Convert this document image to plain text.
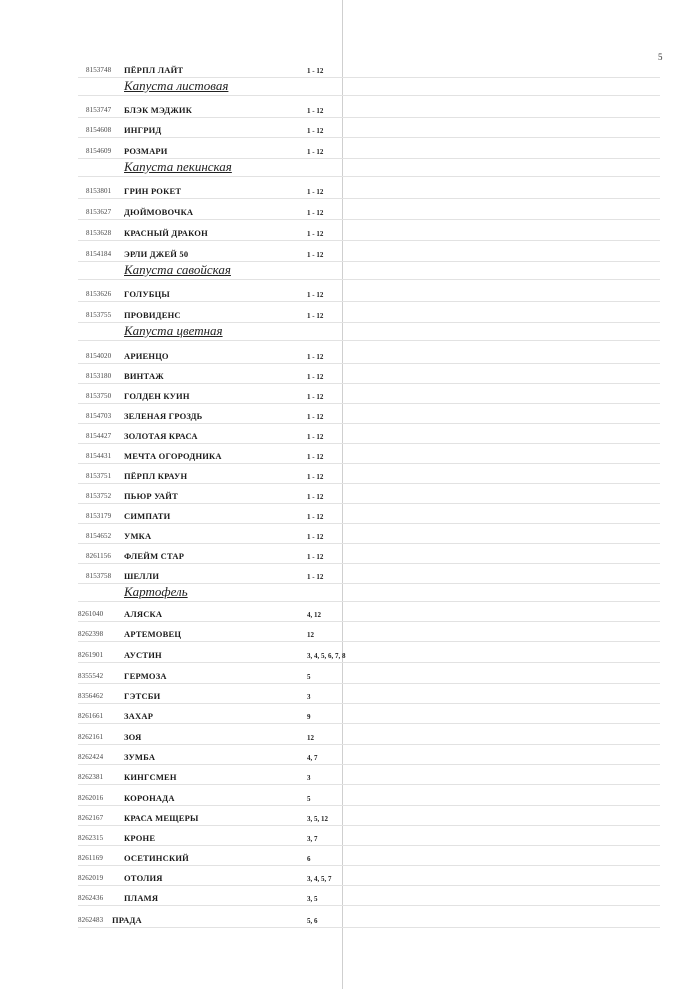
5
8153748 ПЁРПЛ ЛАЙТ	1 - 12
Капуста листовая
8153747 БЛЭК МЭДЖИК	1 - 12
8154608 ИНГРИД	1 - 12
8154609 РОЗМАРИ	1 - 12
Капуста пекинская
8153801 ГРИН РОКЕТ	1 - 12
8153627 ДЮЙМОВОЧКА	1 - 12
8153628 КРАСНЫЙ ДРАКОН	1 - 12
8154184 ЭРЛИ ДЖЕЙ 50	1 - 12
Капуста савойская
8153626 ГОЛУБЦЫ	1 - 12
8153755 ПРОВИДЕНС	1 - 12
Капуста цветная
8154020 АРИЕНЦО	1 - 12
8153180 ВИНТАЖ	1 - 12
8153750 ГОЛДЕН КУИН	1 - 12
8154703 ЗЕЛЕНАЯ ГРОЗДЬ	1 - 12
8154427 ЗОЛОТАЯ КРАСА	1 - 12
8154431 МЕЧТА ОГОРОДНИКА	1 - 12
8153751 ПЁРПЛ КРАУН	1 - 12
8153752 ПЬЮР УАЙТ	1 - 12
8153179 СИМПАТИ	1 - 12
8154652 УМКА	1 - 12
8261156 ФЛЕЙМ СТАР	1 - 12
8153758 ШЕЛЛИ	1 - 12
Картофель
8261040 АЛЯСКА	4, 12
8262398 АРТЕМОВЕЦ	12
8261901 АУСТИН	3, 4, 5, 6, 7, 8
8355542 ГЕРМОЗА	5
8356462 ГЭТСБИ	3
8261661 ЗАХАР	9
8262161 ЗОЯ	12
8262424 ЗУМБА	4, 7
8262381 КИНГСМЕН	3
8262016 КОРОНАДА	5
8262167 КРАСА МЕЩЕРЫ	3, 5, 12
8262315 КРОНЕ	3, 7
8261169 ОСЕТИНСКИЙ	6
8262019 ОТОЛИЯ	3, 4, 5, 7
8262436 ПЛАМЯ	3, 5
8262483 ПРАДА	5, 6
